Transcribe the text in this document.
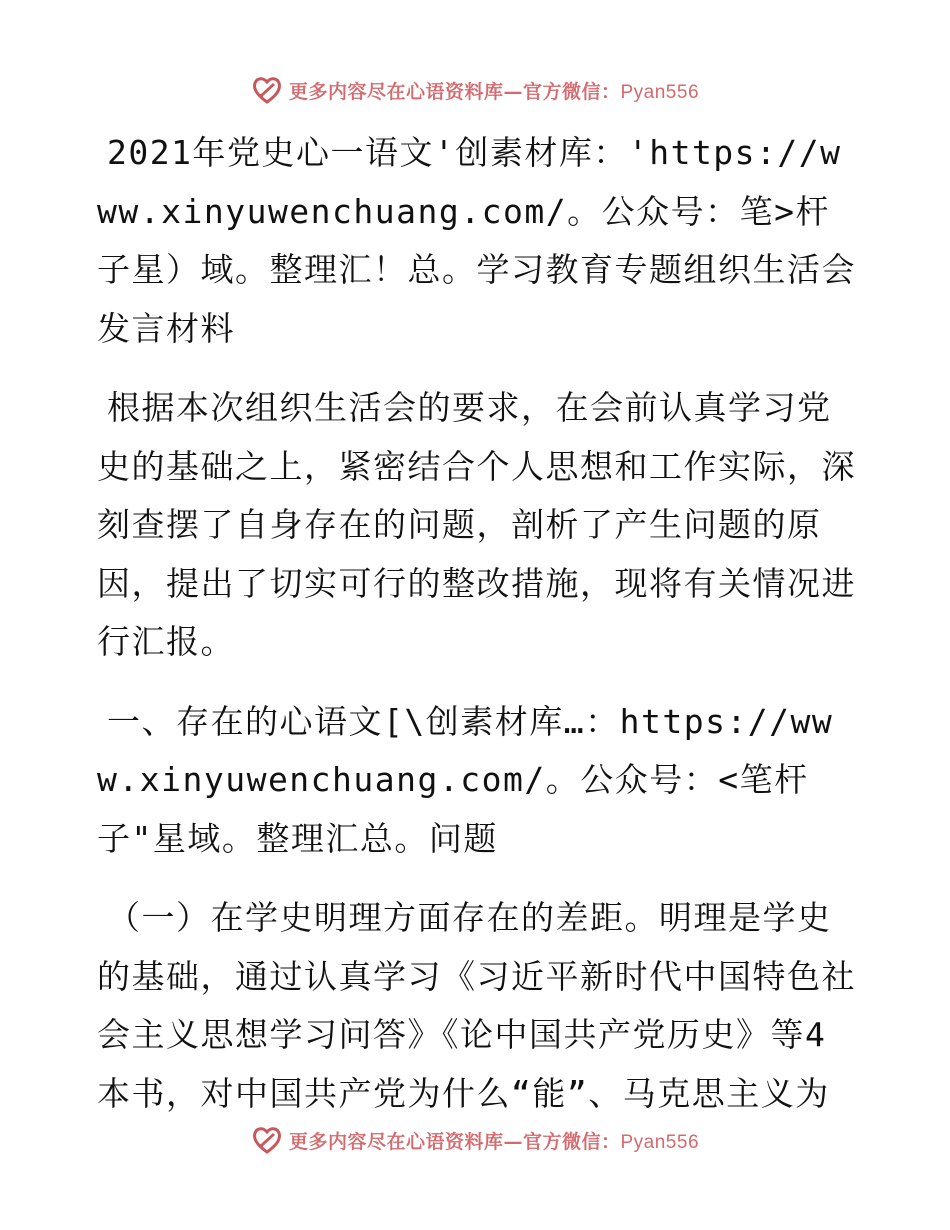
更多内容尽在心语资料库—官方微信：Pyan556

2021年党史心一语文'创素材库：'https://www.xinyuwenchuang.com/。公众号：笔>杆子星）域。整理汇！总。学习教育专题组织生活会发言材料

根据本次组织生活会的要求，在会前认真学习党史的基础之上，紧密结合个人思想和工作实际，深刻查摆了自身存在的问题，剖析了产生问题的原因，提出了切实可行的整改措施，现将有关情况进行汇报。

一、存在的心语文[\创素材库…：https://www.xinyuwenchuang.com/。公众号：<笔杆子"星域。整理汇总。问题

（一）在学史明理方面存在的差距。明理是学史的基础，通过认真学习《习近平新时代中国特色社会主义思想学习问答》《论中国共产党历史》等4本书，对中国共产党为什么“能”、马克思主义为

更多内容尽在心语资料库—官方微信：Pyan556
